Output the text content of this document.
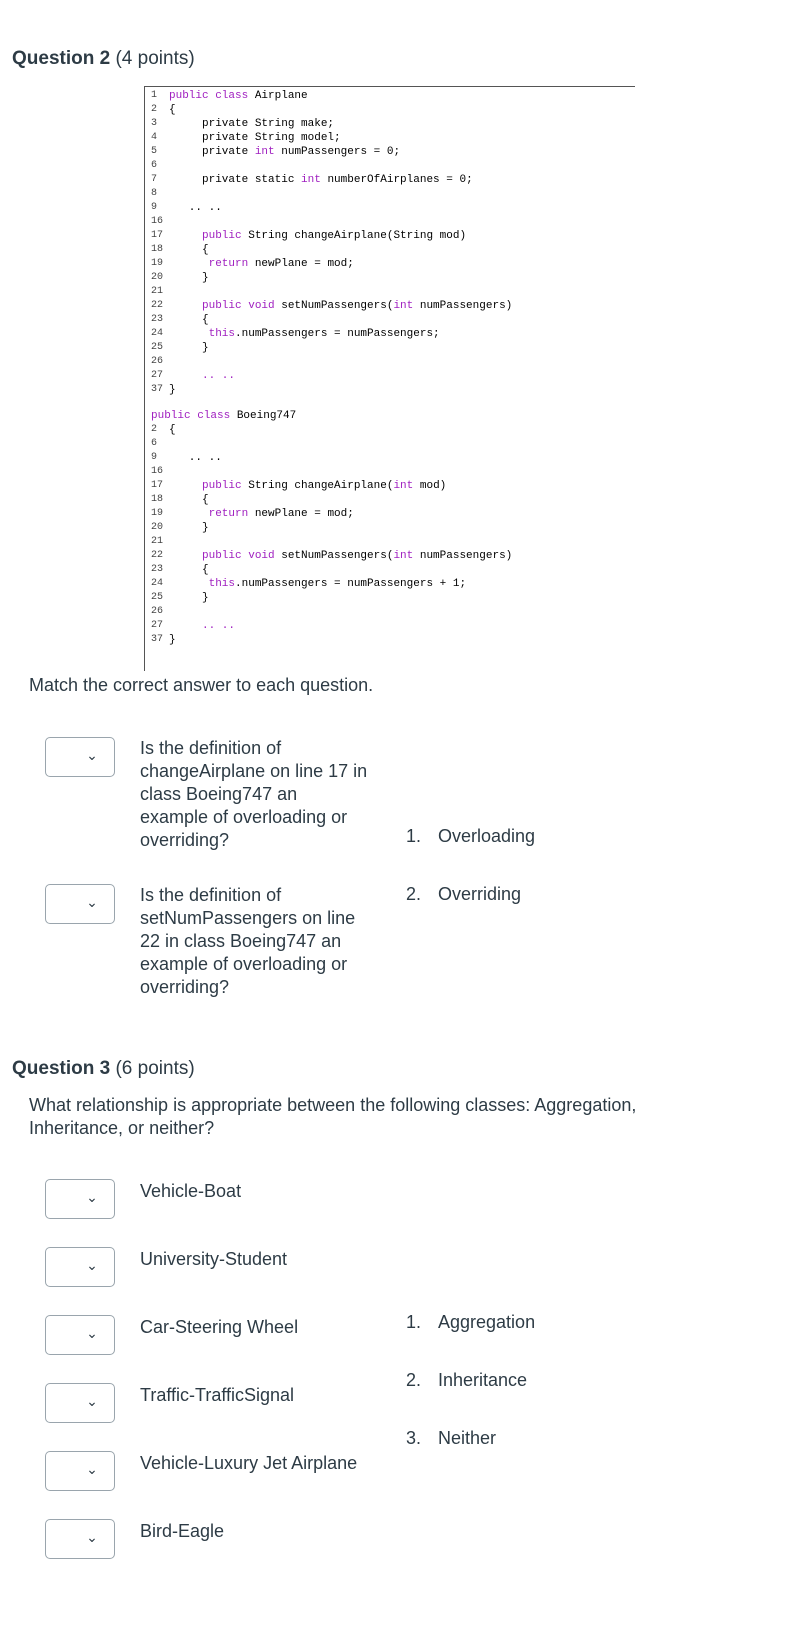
Question 2 (4 points)
1 public class Airplane
2 {
3 private String make;
4 private String model;
5 private int numPassengers = 0;
6
7 private static int numberOfAirplanes = 0;
8
9 .. ..
16
17 public String changeAirplane(String mod)
18 {
19 return newPlane = mod;
20 }
21
22 public void setNumPassengers(int numPassengers)
23 {
24 this.numPassengers = numPassengers;
25 }
26
27 .. ..
37 }
public class Boeing747
2 {
6
9 .. ..
16
17 public String changeAirplane(int mod)
18 {
19 return newPlane = mod;
20 }
21
22 public void setNumPassengers(int numPassengers)
23 {
24 this.numPassengers = numPassengers + 1;
25 }
26
27 .. ..
37 }
Match the correct answer to each question.
⌄ Is the definition of changeAirplane on line 17 in class Boeing747 an example of overloading or overriding?
⌄ Is the definition of setNumPassengers on line 22 in class Boeing747 an example of overloading or overriding?
1. Overloading
2. Overriding
Question 3 (6 points)
What relationship is appropriate between the following classes: Aggregation, Inheritance, or neither?
⌄ Vehicle-Boat
⌄ University-Student
⌄ Car-Steering Wheel
⌄ Traffic-TrafficSignal
⌄ Vehicle-Luxury Jet Airplane
⌄ Bird-Eagle
1. Aggregation
2. Inheritance
3. Neither
